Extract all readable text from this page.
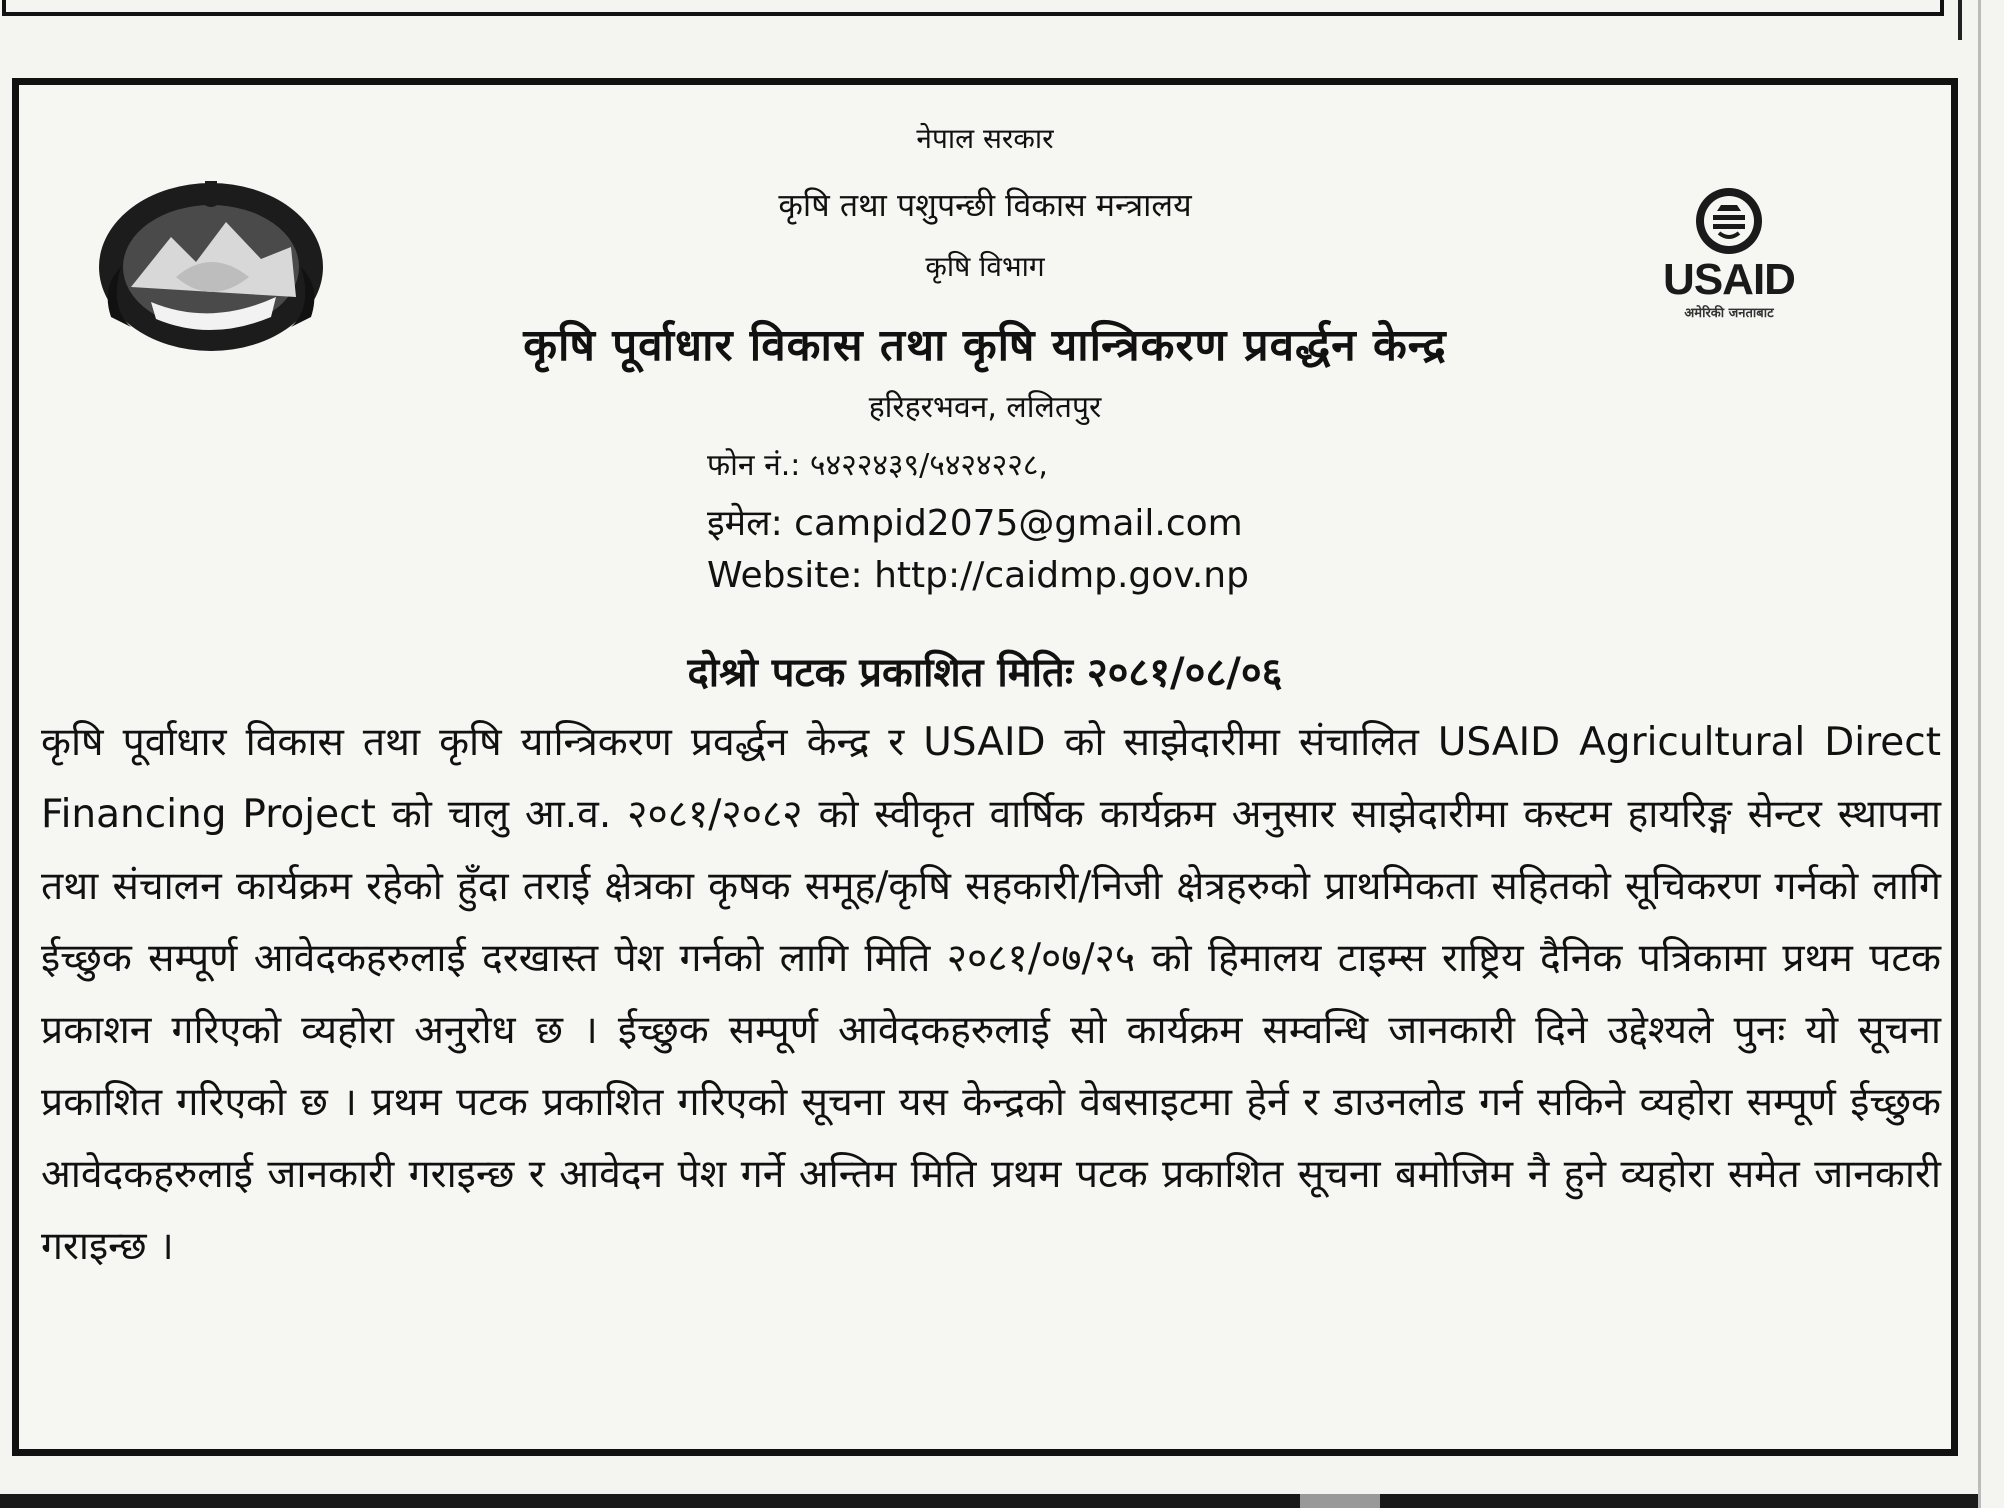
USAID
अमेरिकी जनताबाट
नेपाल सरकार
कृषि तथा पशुपन्छी विकास मन्त्रालय
कृषि विभाग
कृषि पूर्वाधार विकास तथा कृषि यान्त्रिकरण प्रवर्द्धन केन्द्र
हरिहरभवन, ललितपुर
फोन नं.: ५४२२४३९/५४२४२२८,
इमेल: campid2075@gmail.com
Website: http://caidmp.gov.np
दोश्रो पटक प्रकाशित मितिः २०८१/०८/०६
कृषि पूर्वाधार विकास तथा कृषि यान्त्रिकरण प्रवर्द्धन केन्द्र र USAID को साझेदारीमा संचालित USAID Agricultural Direct Financing Project को चालु आ.व. २०८१/२०८२ को स्वीकृत वार्षिक कार्यक्रम अनुसार साझेदारीमा कस्टम हायरिङ्ग सेन्टर स्थापना तथा संचालन कार्यक्रम रहेको हुँदा तराई क्षेत्रका कृषक समूह/कृषि सहकारी/निजी क्षेत्रहरुको प्राथमिकता सहितको सूचिकरण गर्नको लागि ईच्छुक सम्पूर्ण आवेदकहरुलाई दरखास्त पेश गर्नको लागि मिति २०८१/०७/२५ को हिमालय टाइम्स राष्ट्रिय दैनिक पत्रिकामा प्रथम पटक प्रकाशन गरिएको व्यहोरा अनुरोध छ । ईच्छुक सम्पूर्ण आवेदकहरुलाई सो कार्यक्रम सम्वन्धि जानकारी दिने उद्देश्यले पुनः यो सूचना प्रकाशित गरिएको छ । प्रथम पटक प्रकाशित गरिएको सूचना यस केन्द्रको वेबसाइटमा हेर्न र डाउनलोड गर्न सकिने व्यहोरा सम्पूर्ण ईच्छुक आवेदकहरुलाई जानकारी गराइन्छ र आवेदन पेश गर्ने अन्तिम मिति प्रथम पटक प्रकाशित सूचना बमोजिम नै हुने व्यहोरा समेत जानकारी गराइन्छ ।
